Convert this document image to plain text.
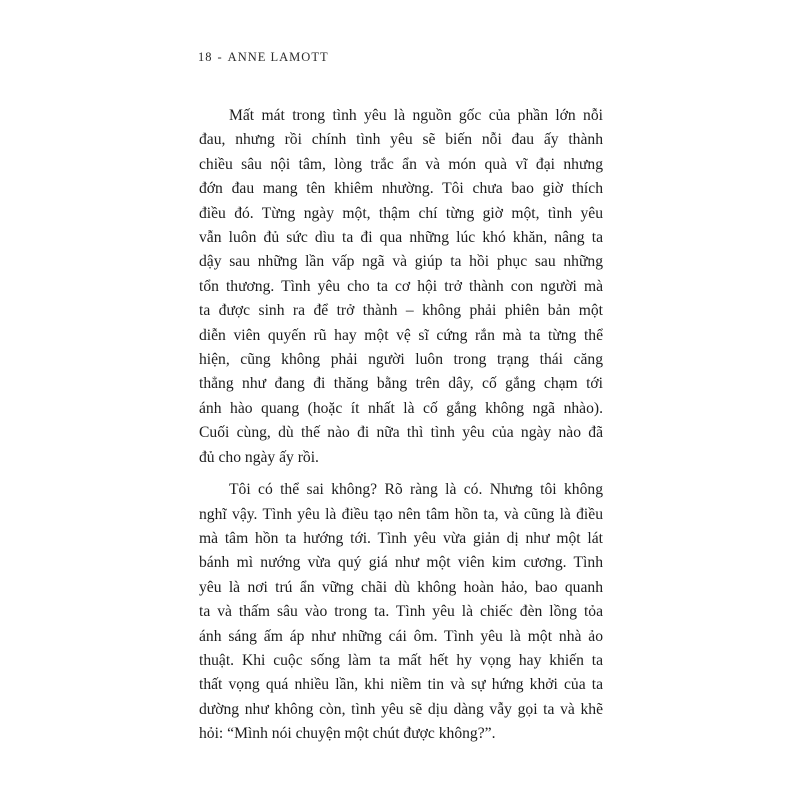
18 - ANNE LAMOTT
Mất mát trong tình yêu là nguồn gốc của phần lớn nỗi
đau, nhưng rồi chính tình yêu sẽ biến nỗi đau ấy thành
chiều sâu nội tâm, lòng trắc ẩn và món quà vĩ đại nhưng
đớn đau mang tên khiêm nhường. Tôi chưa bao giờ thích
điều đó. Từng ngày một, thậm chí từng giờ một, tình yêu
vẫn luôn đủ sức dìu ta đi qua những lúc khó khăn, nâng ta
dậy sau những lần vấp ngã và giúp ta hồi phục sau những
tổn thương. Tình yêu cho ta cơ hội trở thành con người mà
ta được sinh ra để trở thành – không phải phiên bản một
diễn viên quyến rũ hay một vệ sĩ cứng rắn mà ta từng thể
hiện, cũng không phải người luôn trong trạng thái căng
thẳng như đang đi thăng bằng trên dây, cố gắng chạm tới
ánh hào quang (hoặc ít nhất là cố gắng không ngã nhào).
Cuối cùng, dù thế nào đi nữa thì tình yêu của ngày nào đã
đủ cho ngày ấy rồi.
Tôi có thể sai không? Rõ ràng là có. Nhưng tôi không
nghĩ vậy. Tình yêu là điều tạo nên tâm hồn ta, và cũng là điều
mà tâm hồn ta hướng tới. Tình yêu vừa giản dị như một lát
bánh mì nướng vừa quý giá như một viên kim cương. Tình
yêu là nơi trú ẩn vững chãi dù không hoàn hảo, bao quanh
ta và thấm sâu vào trong ta. Tình yêu là chiếc đèn lồng tỏa
ánh sáng ấm áp như những cái ôm. Tình yêu là một nhà ảo
thuật. Khi cuộc sống làm ta mất hết hy vọng hay khiến ta
thất vọng quá nhiều lần, khi niềm tin và sự hứng khởi của ta
dường như không còn, tình yêu sẽ dịu dàng vẫy gọi ta và khẽ
hỏi: “Mình nói chuyện một chút được không?”.
